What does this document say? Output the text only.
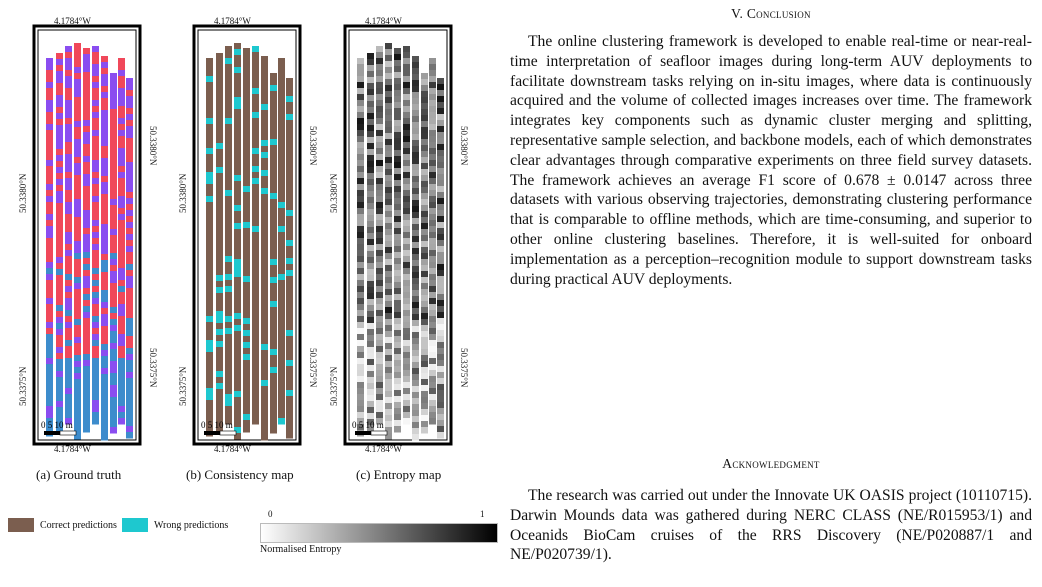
0 5 10 m
4.1784°W
4.1784°W
50.3380°N
50.3375°N
50.3380°N
50.3375°N
0 5 10 m
4.1784°W
4.1784°W
50.3380°N
50.3375°N
50.3380°N
50.3375°N
0 5 10 m
4.1784°W
4.1784°W
50.3380°N
50.3375°N
50.3380°N
50.3375°N
(a) Ground truth	(b) Consistency map	(c) Entropy map
Correct predictions	Wrong predictions
0	1
Normalised Entropy
V. Conclusion

The online clustering framework is developed to enable real-time or near-real-time interpretation of seafloor images during long-term AUV deployments to facilitate downstream tasks relying on in-situ images, where data is continuously acquired and the volume of collected images increases over time. The framework integrates key components such as dynamic cluster merging and splitting, representative sample selection, and backbone models, each of which demonstrates clear advantages through comparative experiments on three field survey datasets. The framework achieves an average F1 score of 0.678 ± 0.0147 across three datasets with various observing trajectories, demonstrating clustering performance that is comparable to offline methods, which are time-consuming, and superior to other online clustering baselines. Therefore, it is well-suited for onboard implementation as a perception–recognition module to support downstream tasks during practical AUV deployments.

Acknowledgment

The research was carried out under the Innovate UK OASIS project (10110715). Darwin Mounds data was gathered during NERC CLASS (NE/R015953/1) and Oceanids BioCam cruises of the RRS Discovery (NE/P020887/1 and NE/P020739/1).
